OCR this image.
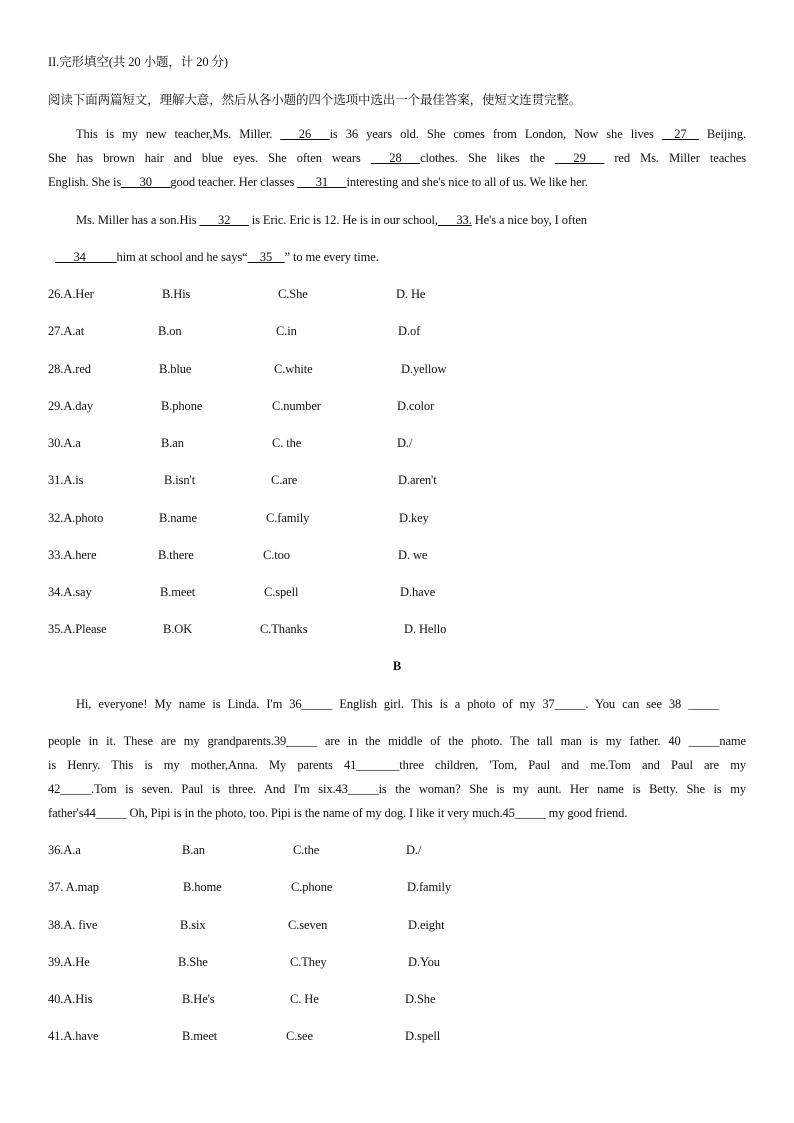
II.完形填空(共 20 小题，计 20 分)
阅读下面两篇短文，理解大意，然后从各小题的四个选项中选出一个最佳答案，使短文连贯完整。
This is my new teacher,Ms. Miller. ___26___is 36 years old. She comes from London, Now she lives __27__ Beijing.
She has brown hair and blue eyes. She often wears ___28___clothes. She likes the ___29___ red Ms. Miller teaches
English. She is___30___good teacher. Her classes ___31___interesting and she's nice to all of us. We like her.
Ms. Miller has a son.His ___32___ is Eric. Eric is 12. He is in our school,___33. He's a nice boy, I often
___34_____him at school and he says“__35__” to me every time.
26.A.Her	B.His	C.She	D. He
27.A.at	B.on	C.in	D.of
28.A.red	B.blue	C.white	D.yellow
29.A.day	B.phone	C.number	D.color
30.A.a	B.an	C. the	D./
31.A.is	B.isn't	C.are	D.aren't
32.A.photo	B.name	C.family	D.key
33.A.here	B.there	C.too	D. we
34.A.say	B.meet	C.spell	D.have
35.A.Please	B.OK	C.Thanks	D. Hello
B
Hi, everyone! My name is Linda. I'm 36_____ English girl. This is a photo of my 37_____. You can see 38 _____
people in it. These are my grandparents.39_____ are in the middle of the photo. The tall man is my father. 40 _____name
is Henry. This is my mother,Anna. My parents 41_______three children, 'Tom, Paul and me.Tom and Paul are my
42_____.Tom is seven. Paul is three. And I'm six.43_____is the woman? She is my aunt. Her name is Betty. She is my
father's44_____ Oh, Pipi is in the photo, too. Pipi is the name of my dog. I like it very much.45_____ my good friend.
36.A.a	B.an	C.the	D./
37. A.map	B.home	C.phone	D.family
38.A. five	B.six	C.seven	D.eight
39.A.He	B.She	C.They	D.You
40.A.His	B.He's	C. He	D.She
41.A.have	B.meet	C.see	D.spell
